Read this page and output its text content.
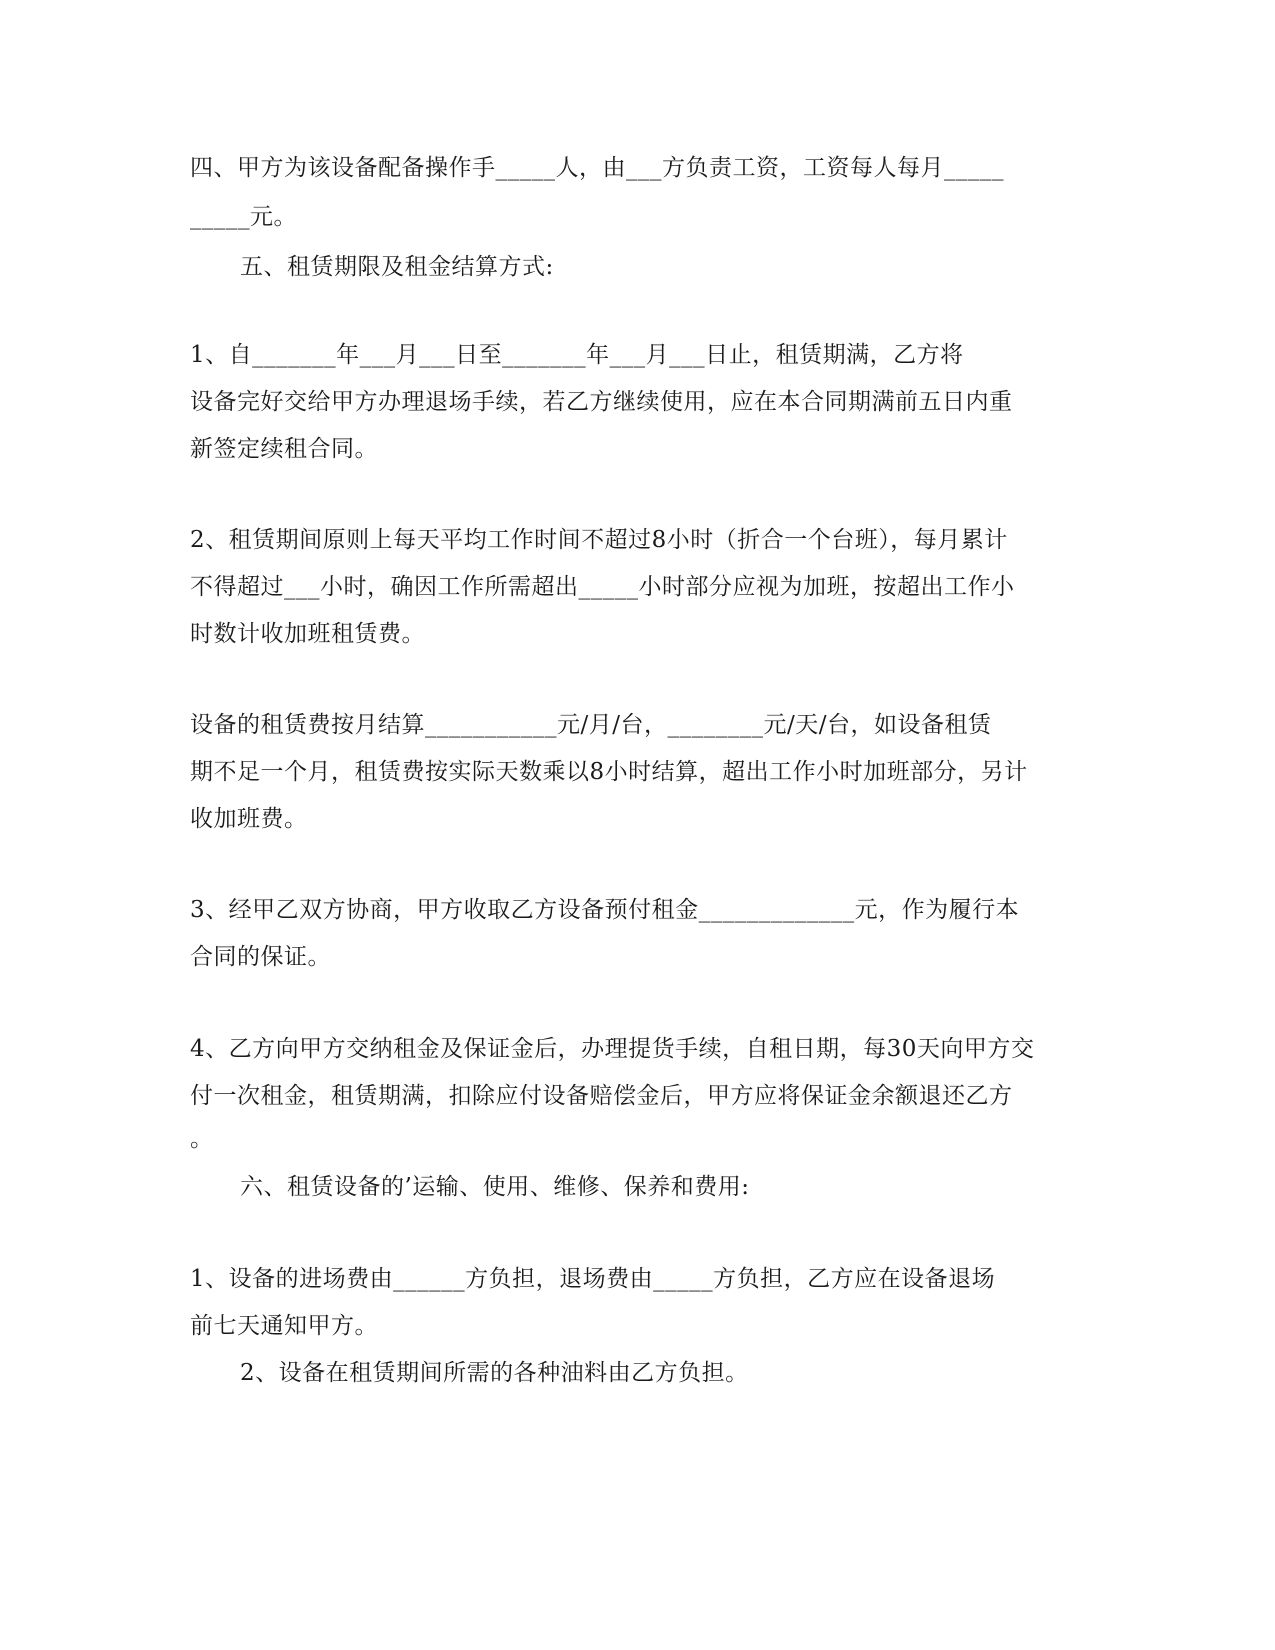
四、甲方为该设备配备操作手_____人，由___方负责工资，工资每人每月_____
_____元。
五、租赁期限及租金结算方式:
1、自_______年___月___日至_______年___月___日止，租赁期满，乙方将
设备完好交给甲方办理退场手续，若乙方继续使用，应在本合同期满前五日内重
新签定续租合同。
2、租赁期间原则上每天平均工作时间不超过8小时（折合一个台班），每月累计
不得超过___小时，确因工作所需超出_____小时部分应视为加班，按超出工作小
时数计收加班租赁费。
设备的租赁费按月结算___________元/月/台，________元/天/台，如设备租赁
期不足一个月，租赁费按实际天数乘以8小时结算，超出工作小时加班部分，另计
收加班费。
3、经甲乙双方协商，甲方收取乙方设备预付租金_____________元，作为履行本
合同的保证。
4、乙方向甲方交纳租金及保证金后，办理提货手续，自租日期，每30天向甲方交
付一次租金，租赁期满，扣除应付设备赔偿金后，甲方应将保证金余额退还乙方
。
六、租赁设备的’运输、使用、维修、保养和费用:
1、设备的进场费由______方负担，退场费由_____方负担，乙方应在设备退场
前七天通知甲方。
2、设备在租赁期间所需的各种油料由乙方负担。
